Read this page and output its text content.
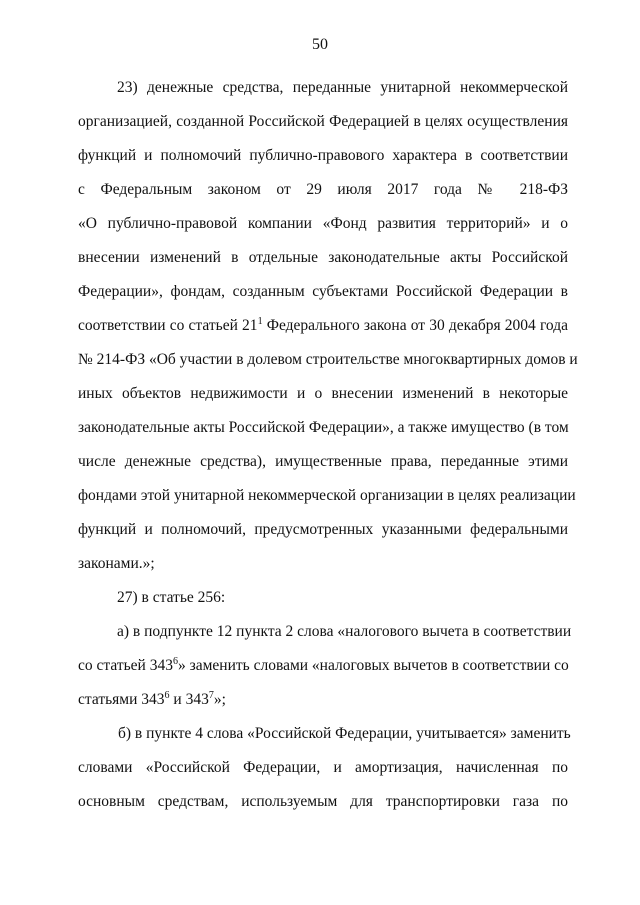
50
23) денежные средства, переданные унитарной некоммерческой
организацией, созданной Российской Федерацией в целях осуществления
функций и полномочий публично-правового характера в соответствии
с Федеральным законом от 29 июля 2017 года № 218-ФЗ
«О публично-правовой компании «Фонд развития территорий» и о
внесении изменений в отдельные законодательные акты Российской
Федерации», фондам, созданным субъектами Российской Федерации в
соответствии со статьей $21^1$ Федерального закона от 30 декабря 2004 года
№ 214-ФЗ «Об участии в долевом строительстве многоквартирных домов и
иных объектов недвижимости и о внесении изменений в некоторые
законодательные акты Российской Федерации», а также имущество (в том
числе денежные средства), имущественные права, переданные этими
фондами этой унитарной некоммерческой организации в целях реализации
функций и полномочий, предусмотренных указанными федеральными
законами.»;
27) в статье 256:
а) в подпункте 12 пункта 2 слова «налогового вычета в соответствии
со статьей $343^6$» заменить словами «налоговых вычетов в соответствии со
статьями $343^6$ и $343^7$»;
б) в пункте 4 слова «Российской Федерации, учитывается» заменить
словами «Российской Федерации, и амортизация, начисленная по
основным средствам, используемым для транспортировки газа по
